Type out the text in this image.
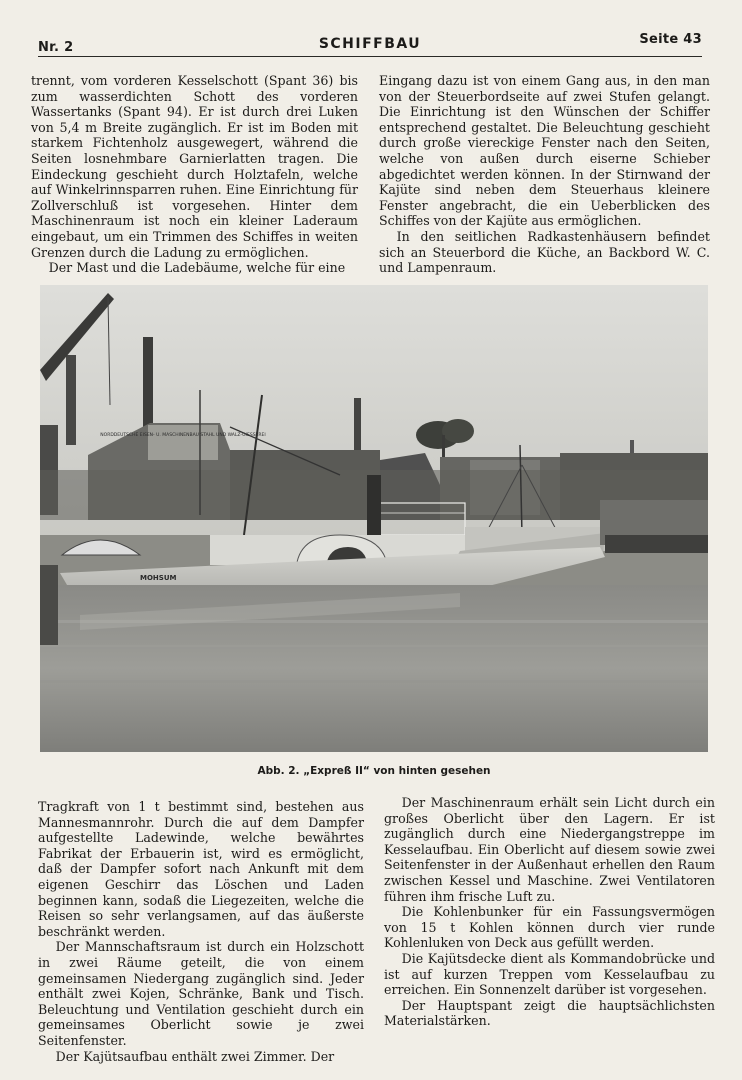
Nr. 2	SCHIFFBAU	Seite 43

trennt, vom vorderen Kesselschott (Spant 36) bis zum wasserdichten Schott des vorderen Wassertanks (Spant 94). Er ist durch drei Luken von 5,4 m Breite zugänglich. Er ist im Boden mit starkem Fichtenholz ausgewegert, während die Seiten losnehmbare Garnierlatten tragen. Die Eindeckung geschieht durch Holztafeln, welche auf Winkelrinnsparren ruhen. Eine Einrichtung für Zollverschluß ist vorgesehen. Hinter dem Maschinenraum ist noch ein kleiner Laderaum eingebaut, um ein Trimmen des Schiffes in weiten Grenzen durch die Ladung zu ermöglichen.

Der Mast und die Ladebäume, welche für eine

Eingang dazu ist von einem Gang aus, in den man von der Steuerbordseite auf zwei Stufen gelangt. Die Einrichtung ist den Wünschen der Schiffer entsprechend gestaltet. Die Beleuchtung geschieht durch große viereckige Fenster nach den Seiten, welche von außen durch eiserne Schieber abgedichtet werden können. In der Stirnwand der Kajüte sind neben dem Steuerhaus kleinere Fenster angebracht, die ein Ueberblicken des Schiffes von der Kajüte aus ermöglichen.

In den seitlichen Radkastenhäusern befindet sich an Steuerbord die Küche, an Backbord W. C. und Lampenraum.

NORDDEUTSCHE EISEN- U. MASCHINENBAU STAHL UND WALZ-GIESSEREI
MOHSUM
Abb. 2. „Expreß II“ von hinten gesehen

Tragkraft von 1 t bestimmt sind, bestehen aus Mannesmannrohr. Durch die auf dem Dampfer aufgestellte Ladewinde, welche bewährtes Fabrikat der Erbauerin ist, wird es ermöglicht, daß der Dampfer sofort nach Ankunft mit dem eigenen Geschirr das Löschen und Laden beginnen kann, sodaß die Liegezeiten, welche die Reisen so sehr verlangsamen, auf das äußerste beschränkt werden.

Der Mannschaftsraum ist durch ein Holzschott in zwei Räume geteilt, die von einem gemeinsamen Niedergang zugänglich sind. Jeder enthält zwei Kojen, Schränke, Bank und Tisch. Beleuchtung und Ventilation geschieht durch ein gemeinsames Oberlicht sowie je zwei Seitenfenster.

Der Kajütsaufbau enthält zwei Zimmer. Der

Der Maschinenraum erhält sein Licht durch ein großes Oberlicht über den Lagern. Er ist zugänglich durch eine Niedergangstreppe im Kesselaufbau. Ein Oberlicht auf diesem sowie zwei Seitenfenster in der Außenhaut erhellen den Raum zwischen Kessel und Maschine. Zwei Ventilatoren führen ihm frische Luft zu.

Die Kohlenbunker für ein Fassungsvermögen von 15 t Kohlen können durch vier runde Kohlenluken von Deck aus gefüllt werden.

Die Kajütsdecke dient als Kommandobrücke und ist auf kurzen Treppen vom Kesselaufbau zu erreichen. Ein Sonnenzelt darüber ist vorgesehen.

Der Hauptspant zeigt die hauptsächlichsten Materialstärken.
